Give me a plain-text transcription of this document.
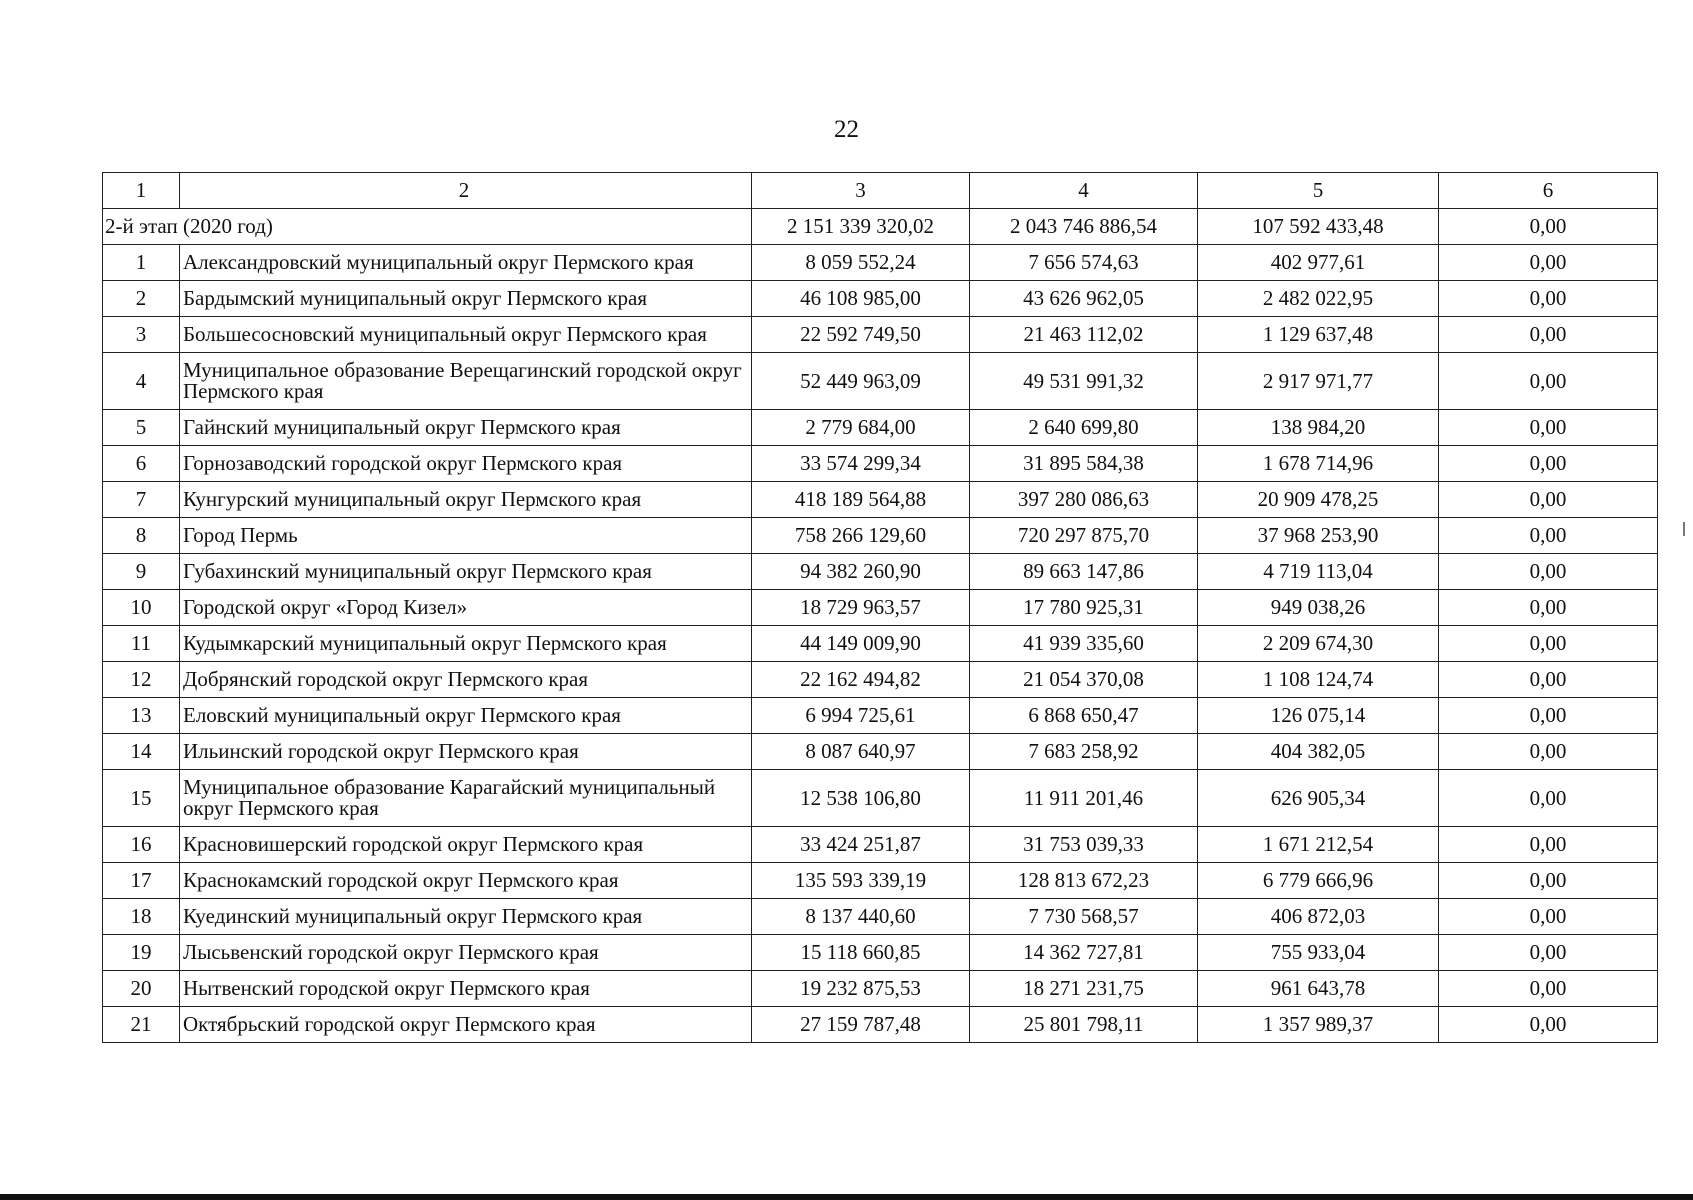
22
1	2	3	4	5	6
2-й этап (2020 год)		2 151 339 320,02	2 043 746 886,54	107 592 433,48	0,00
1	Александровский муниципальный округ Пермского края	8 059 552,24	7 656 574,63	402 977,61	0,00
2	Бардымский муниципальный округ Пермского края	46 108 985,00	43 626 962,05	2 482 022,95	0,00
3	Большесосновский муниципальный округ Пермского края	22 592 749,50	21 463 112,02	1 129 637,48	0,00
4	Муниципальное образование Верещагинский городской округ Пермского края	52 449 963,09	49 531 991,32	2 917 971,77	0,00
5	Гайнский муниципальный округ Пермского края	2 779 684,00	2 640 699,80	138 984,20	0,00
6	Горнозаводский городской округ Пермского края	33 574 299,34	31 895 584,38	1 678 714,96	0,00
7	Кунгурский муниципальный округ Пермского края	418 189 564,88	397 280 086,63	20 909 478,25	0,00
8	Город Пермь	758 266 129,60	720 297 875,70	37 968 253,90	0,00
9	Губахинский муниципальный округ Пермского края	94 382 260,90	89 663 147,86	4 719 113,04	0,00
10	Городской округ «Город Кизел»	18 729 963,57	17 780 925,31	949 038,26	0,00
11	Кудымкарский муниципальный округ Пермского края	44 149 009,90	41 939 335,60	2 209 674,30	0,00
12	Добрянский городской округ Пермского края	22 162 494,82	21 054 370,08	1 108 124,74	0,00
13	Еловский муниципальный округ Пермского края	6 994 725,61	6 868 650,47	126 075,14	0,00
14	Ильинский городской округ Пермского края	8 087 640,97	7 683 258,92	404 382,05	0,00
15	Муниципальное образование Карагайский муниципальный округ Пермского края	12 538 106,80	11 911 201,46	626 905,34	0,00
16	Красновишерский городской округ Пермского края	33 424 251,87	31 753 039,33	1 671 212,54	0,00
17	Краснокамский городской округ Пермского края	135 593 339,19	128 813 672,23	6 779 666,96	0,00
18	Куединский муниципальный округ Пермского края	8 137 440,60	7 730 568,57	406 872,03	0,00
19	Лысьвенский городской округ Пермского края	15 118 660,85	14 362 727,81	755 933,04	0,00
20	Нытвенский городской округ Пермского края	19 232 875,53	18 271 231,75	961 643,78	0,00
21	Октябрьский городской округ Пермского края	27 159 787,48	25 801 798,11	1 357 989,37	0,00
